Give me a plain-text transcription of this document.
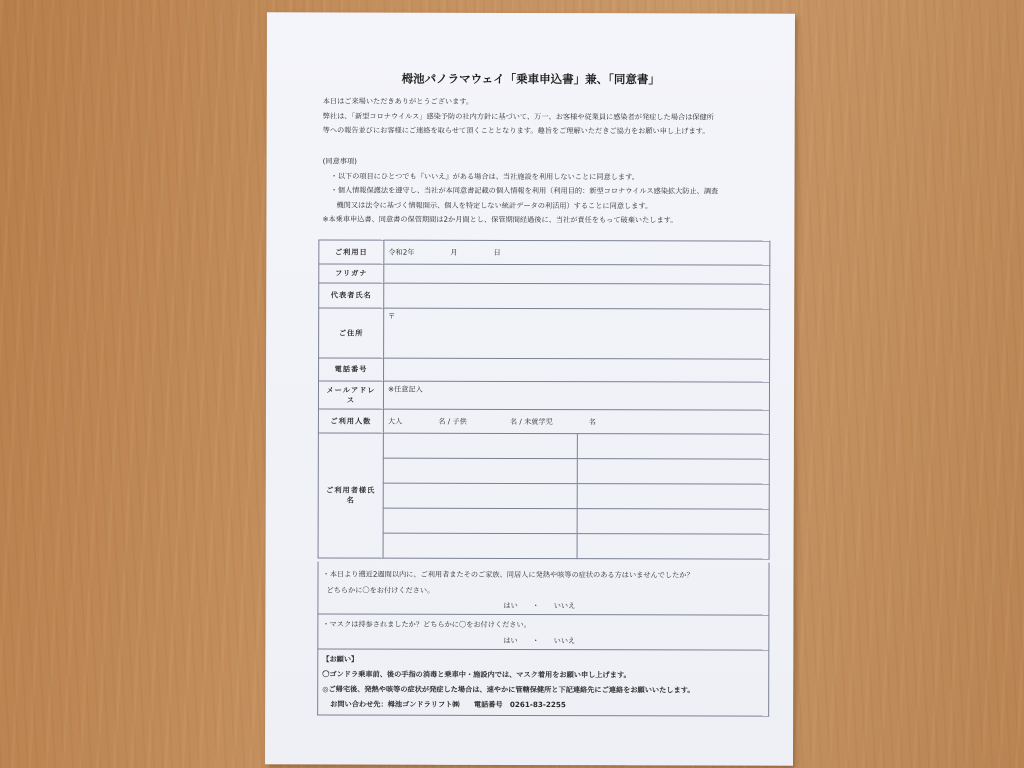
栂池パノラマウェイ「乗車申込書」兼、「同意書」
本日はご来場いただきありがとうございます。
弊社は、「新型コロナウイルス」感染予防の社内方針に基づいて、万一、お客様や従業員に感染者が発症した場合は保健所
等への報告並びにお客様にご連絡を取らせて頂くこととなります。趣旨をご理解いただきご協力をお願い申し上げます。
(同意事項)
・以下の項目にひとつでも『いいえ』がある場合は、当社施設を利用しないことに同意します。
・個人情報保護法を遵守し、当社が本同意書記載の個人情報を利用（利用目的：新型コロナウイルス感染拡大防止、調査
機関又は法令に基づく情報開示、個人を特定しない統計データの利活用）することに同意します。
※本乗車申込書、同意書の保管期間は2か月間とし、保管期間経過後に、当社が責任をもって破棄いたします。
ご利用日	令和2年　　　　　月　　　　　日	
フリガナ		
代表者氏名		
ご住所	〒	
電話番号		
メールアドレス	※任意記入	
ご利用人数	大人　　　　　名 / 子供　　　　　　名 / 未就学児　　　　　名	
ご利用者様氏名		

・本日より遡近2週間以内に、ご利用者またそのご家族、同居人に発熱や咳等の症状のある方はいませんでしたか？
どちらかに〇をお付けください。
はい　　・　　いいえ
・マスクは持参されましたか？どちらかに〇をお付けください。
はい　　・　　いいえ
【お願い】
〇ゴンドラ乗車前、後の手指の消毒と乗車中・施設内では、マスク着用をお願い申し上げます。
◎ご帰宅後、発熱や咳等の症状が発症した場合は、速やかに管轄保健所と下記連絡先にご連絡をお願いいたします。
お問い合わせ先：栂池ゴンドラリフト㈱　　電話番号　0261-83-2255
